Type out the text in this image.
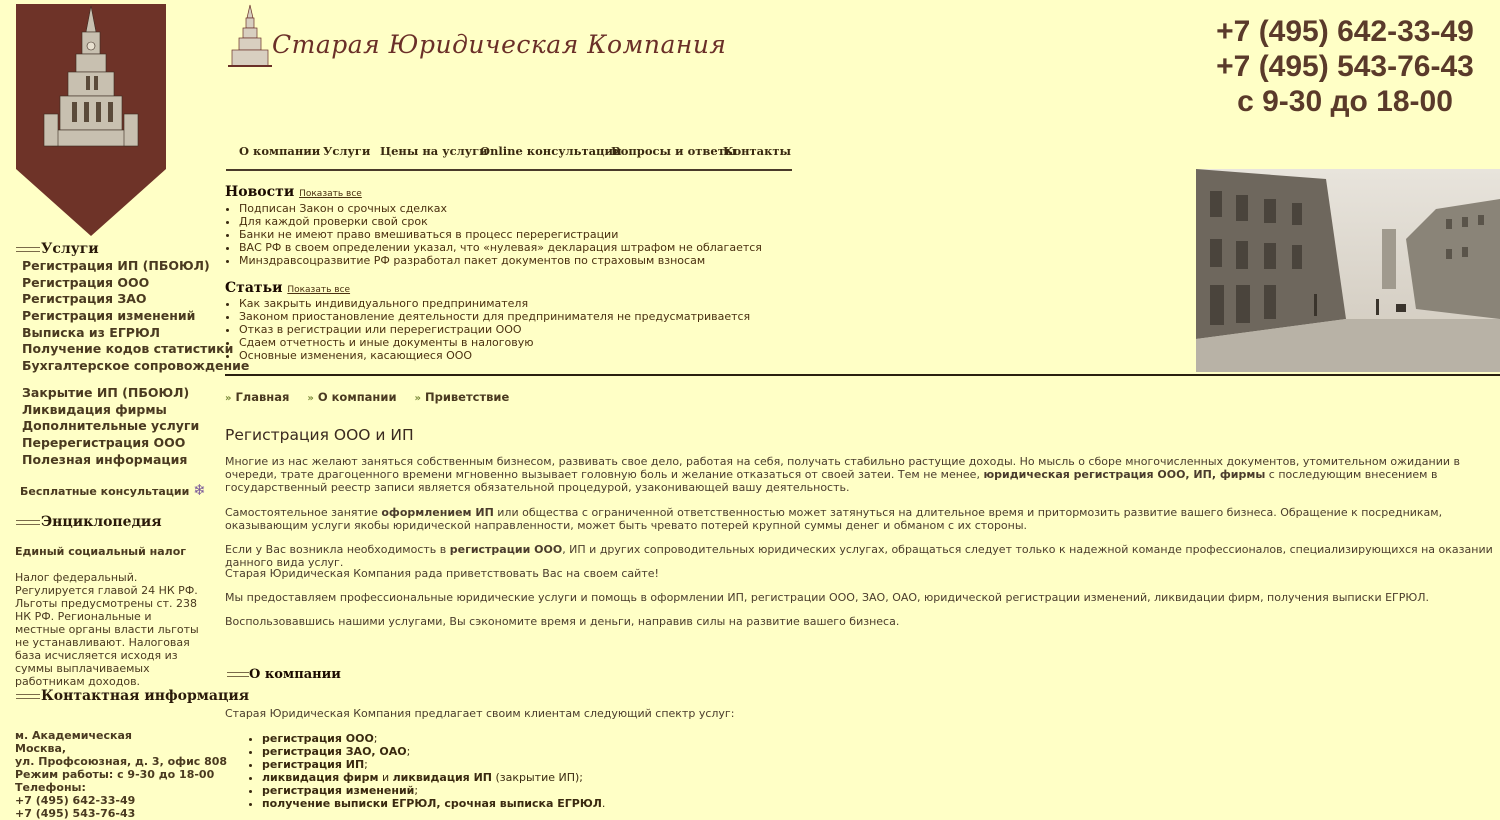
Старая Юридическая Компания	+7 (495) 642-33-49
+7 (495) 543-76-43
с 9-30 до 18-00
О компании Услуги Цены на услуги
Online консультации
Вопросы и ответы
Контакты
Новости Показать все
• Подписан Закон о срочных сделках
• Для каждой проверки свой срок
• Банки не имеют право вмешиваться в процесс перерегистрации
• ВАС РФ в своем определении указал, что «нулевая» декларация штрафом не облагается
• Минздравсоцразвитие РФ разработал пакет документов по страховым взносам
Статьи Показать все
• Как закрыть индивидуального предпринимателя
• Законом приостановление деятельности для предпринимателя не предусматривается
• Отказ в регистрации или перерегистрации ООО
• Сдаем отчетность и иные документы в налоговую
• Основные изменения, касающиеся ООО
Услуги
Регистрация ИП (ПБОЮЛ)
Регистрация ООО
Регистрация ЗАО
Регистрация изменений
Выписка из ЕГРЮЛ
Получение кодов статистики
Бухгалтерское сопровождение
Закрытие ИП (ПБОЮЛ)
Ликвидация фирмы
Дополнительные услуги
Перерегистрация ООО
Полезная информация
Бесплатные консультации ❄
Энциклопедия
Единый социальный налог
Налог федеральный. Регулируется главой 24 НК РФ. Льготы предусмотрены ст. 238 НК РФ. Региональные и местные органы власти льготы не устанавливают. Налоговая база исчисляется исходя из суммы выплачиваемых работникам доходов.
Контактная информация
м. Академическая
Москва,
ул. Профсоюзная, д. 3, офис 808
Режим работы: с 9-30 до 18-00
Телефоны:
+7 (495) 642-33-49
+7 (495) 543-76-43
» Главная » О компании » Приветствие
Регистрация ООО и ИП
Многие из нас желают заняться собственным бизнесом, развивать свое дело, работая на себя, получать стабильно растущие доходы. Но мысль о сборе многочисленных документов, утомительном ожидании в очереди, трате драгоценного времени мгновенно вызывает головную боль и желание отказаться от своей затеи. Тем не менее, юридическая регистрация ООО, ИП, фирмы с последующим внесением в государственный реестр записи является обязательной процедурой, узаконивающей вашу деятельность.
Самостоятельное занятие оформлением ИП или общества с ограниченной ответственностью может затянуться на длительное время и притормозить развитие вашего бизнеса. Обращение к посредникам, оказывающим услуги якобы юридической направленности, может быть чревато потерей крупной суммы денег и обманом с их стороны.
Если у Вас возникла необходимость в регистрации ООО, ИП и других сопроводительных юридических услугах, обращаться следует только к надежной команде профессионалов, специализирующихся на оказании данного вида услуг.
Старая Юридическая Компания рада приветствовать Вас на своем сайте!
Мы предоставляем профессиональные юридические услуги и помощь в оформлении ИП, регистрации ООО, ЗАО, ОАО, юридической регистрации изменений, ликвидации фирм, получения выписки ЕГРЮЛ.
Воспользовавшись нашими услугами, Вы сэкономите время и деньги, направив силы на развитие вашего бизнеса.
О компании
Старая Юридическая Компания предлагает своим клиентам следующий спектр услуг:
• регистрация ООО;
• регистрация ЗАО, ОАО;
• регистрация ИП;
• ликвидация фирм и ликвидация ИП (закрытие ИП);
• регистрация изменений;
• получение выписки ЕГРЮЛ, срочная выписка ЕГРЮЛ.
